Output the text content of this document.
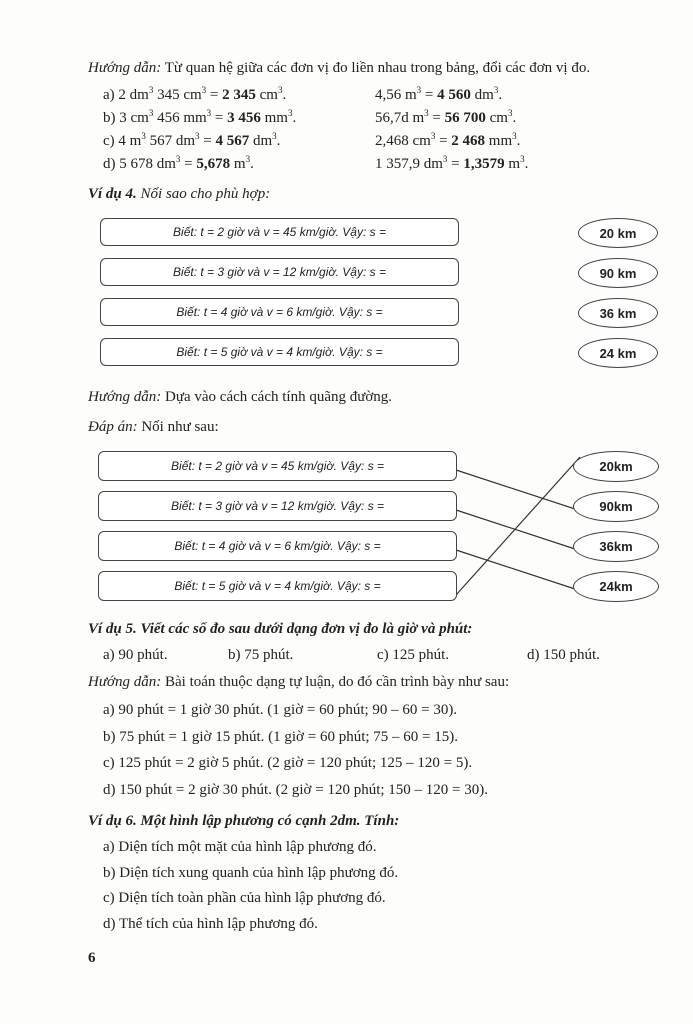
Hướng dẫn: Từ quan hệ giữa các đơn vị đo liền nhau trong bảng, đổi các đơn vị đo.
a) 2 $dm^3$ 345 $cm^3 = 2$ 345 $cm^3$.	4,56 $m^3 = 4$ 560 $dm^3$.
b) 3 $cm^3$ 456 $mm^3 = 3$ 456 $mm^3$.	56,7d $m^3 = 56$ 700 $cm^3$.
c) 4 $m^3$ 567 $dm^3 = 4$ 567 $dm^3$.	2,468 $cm^3 = 2$ 468 $mm^3$.
d) 5 678 $dm^3 = 5,678$ $m^3$.	1 357,9 $dm^3 = 1,3579$ $m^3$.
Ví dụ 4. Nối sao cho phù hợp:
Hướng dẫn: Dựa vào cách cách tính quãng đường.
Đáp án: Nối như sau:
Biết: t = 2 giờ và v = 45 km/giờ. Vậy: s =	20 km
Biết: t = 2 giờ và v = 45 km/giờ. Vậy: s =	20km
Biết: t = 3 giờ và v = 12 km/giờ. Vậy: s =	90 km
Biết: t = 3 giờ và v = 12 km/giờ. Vậy: s =	90km
Biết: t = 4 giờ và v = 6 km/giờ. Vậy: s =	36 km
Biết: t = 4 giờ và v = 6 km/giờ. Vậy: s =	36km
Biết: t = 5 giờ và v = 4 km/giờ. Vậy: s =	24 km
Biết: t = 5 giờ và v = 4 km/giờ. Vậy: s =	24km
Ví dụ 5. Viết các số đo sau dưới dạng đơn vị đo là giờ và phút:
a) 90 phút.	b) 75 phút.	c) 125 phút.	d) 150 phút.
Hướng dẫn: Bài toán thuộc dạng tự luận, do đó cần trình bày như sau:
a) 90 phút = 1 giờ 30 phút. (1 giờ = 60 phút; 90 – 60 = 30).
b) 75 phút = 1 giờ 15 phút. (1 giờ = 60 phút; 75 – 60 = 15).
c) 125 phút = 2 giờ 5 phút. (2 giờ = 120 phút; 125 – 120 = 5).
d) 150 phút = 2 giờ 30 phút. (2 giờ = 120 phút; 150 – 120 = 30).
Ví dụ 6. Một hình lập phương có cạnh 2dm. Tính:
a) Diện tích một mặt của hình lập phương đó.
b) Diện tích xung quanh của hình lập phương đó.
c) Diện tích toàn phần của hình lập phương đó.
d) Thể tích của hình lập phương đó.
6
